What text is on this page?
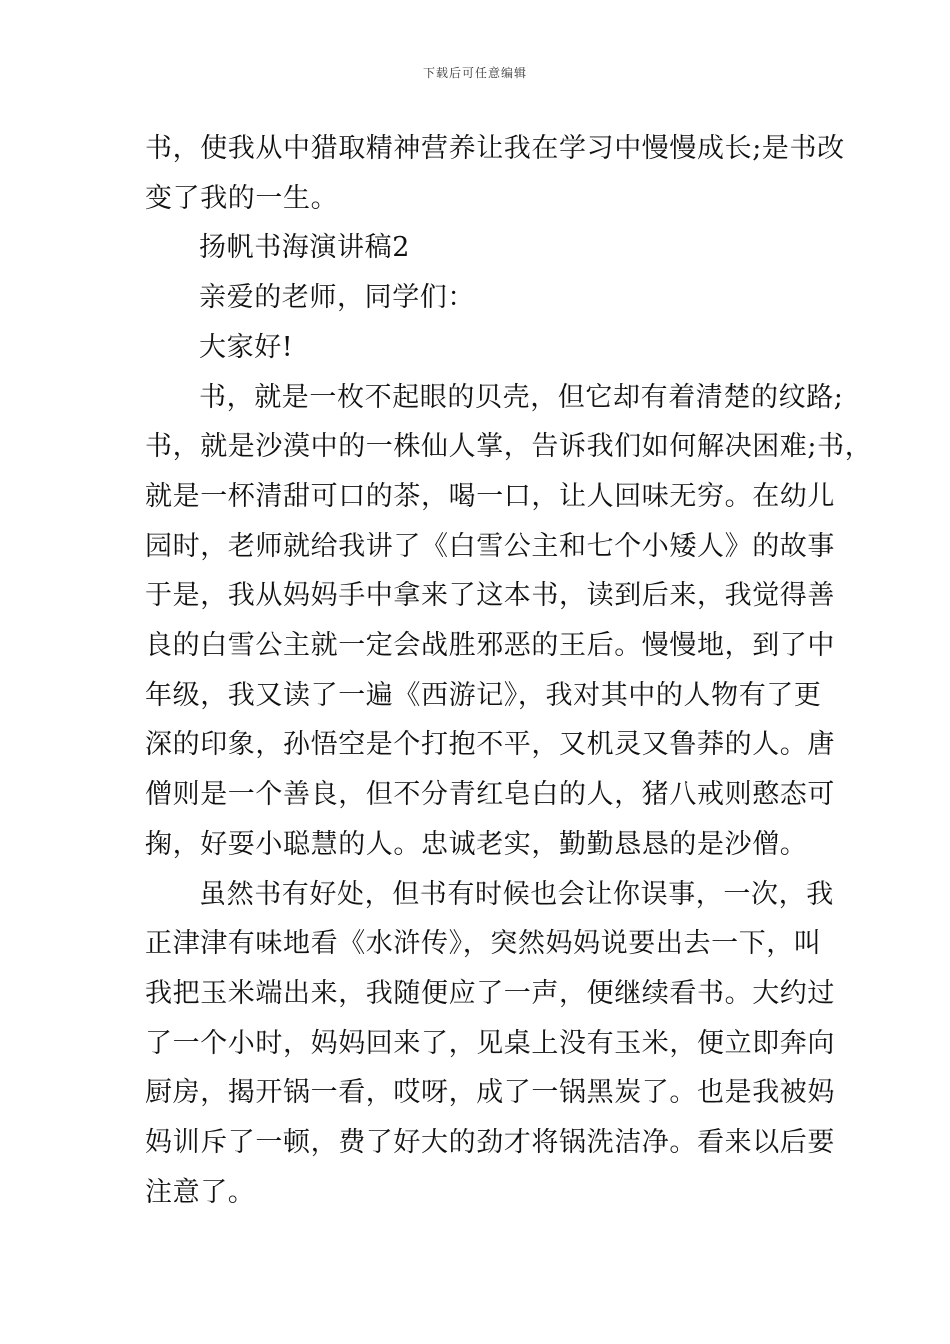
下载后可任意编辑

书，使我从中猎取精神营养让我在学习中慢慢成长;是书改

变了我的一生。

扬帆书海演讲稿2

亲爱的老师，同学们：

大家好!

书，就是一枚不起眼的贝壳，但它却有着清楚的纹路;

书，就是沙漠中的一株仙人掌，告诉我们如何解决困难;书，

就是一杯清甜可口的茶，喝一口，让人回味无穷。在幼儿

园时，老师就给我讲了《白雪公主和七个小矮人》的故事

于是，我从妈妈手中拿来了这本书，读到后来，我觉得善

良的白雪公主就一定会战胜邪恶的王后。慢慢地，到了中

年级，我又读了一遍《西游记》，我对其中的人物有了更

深的印象，孙悟空是个打抱不平，又机灵又鲁莽的人。唐

僧则是一个善良，但不分青红皂白的人，猪八戒则憨态可

掬，好耍小聪慧的人。忠诚老实，勤勤恳恳的是沙僧。

虽然书有好处，但书有时候也会让你误事，一次，我

正津津有味地看《水浒传》，突然妈妈说要出去一下，叫

我把玉米端出来，我随便应了一声，便继续看书。大约过

了一个小时，妈妈回来了，见桌上没有玉米，便立即奔向

厨房，揭开锅一看，哎呀，成了一锅黑炭了。也是我被妈

妈训斥了一顿，费了好大的劲才将锅洗洁净。看来以后要

注意了。
